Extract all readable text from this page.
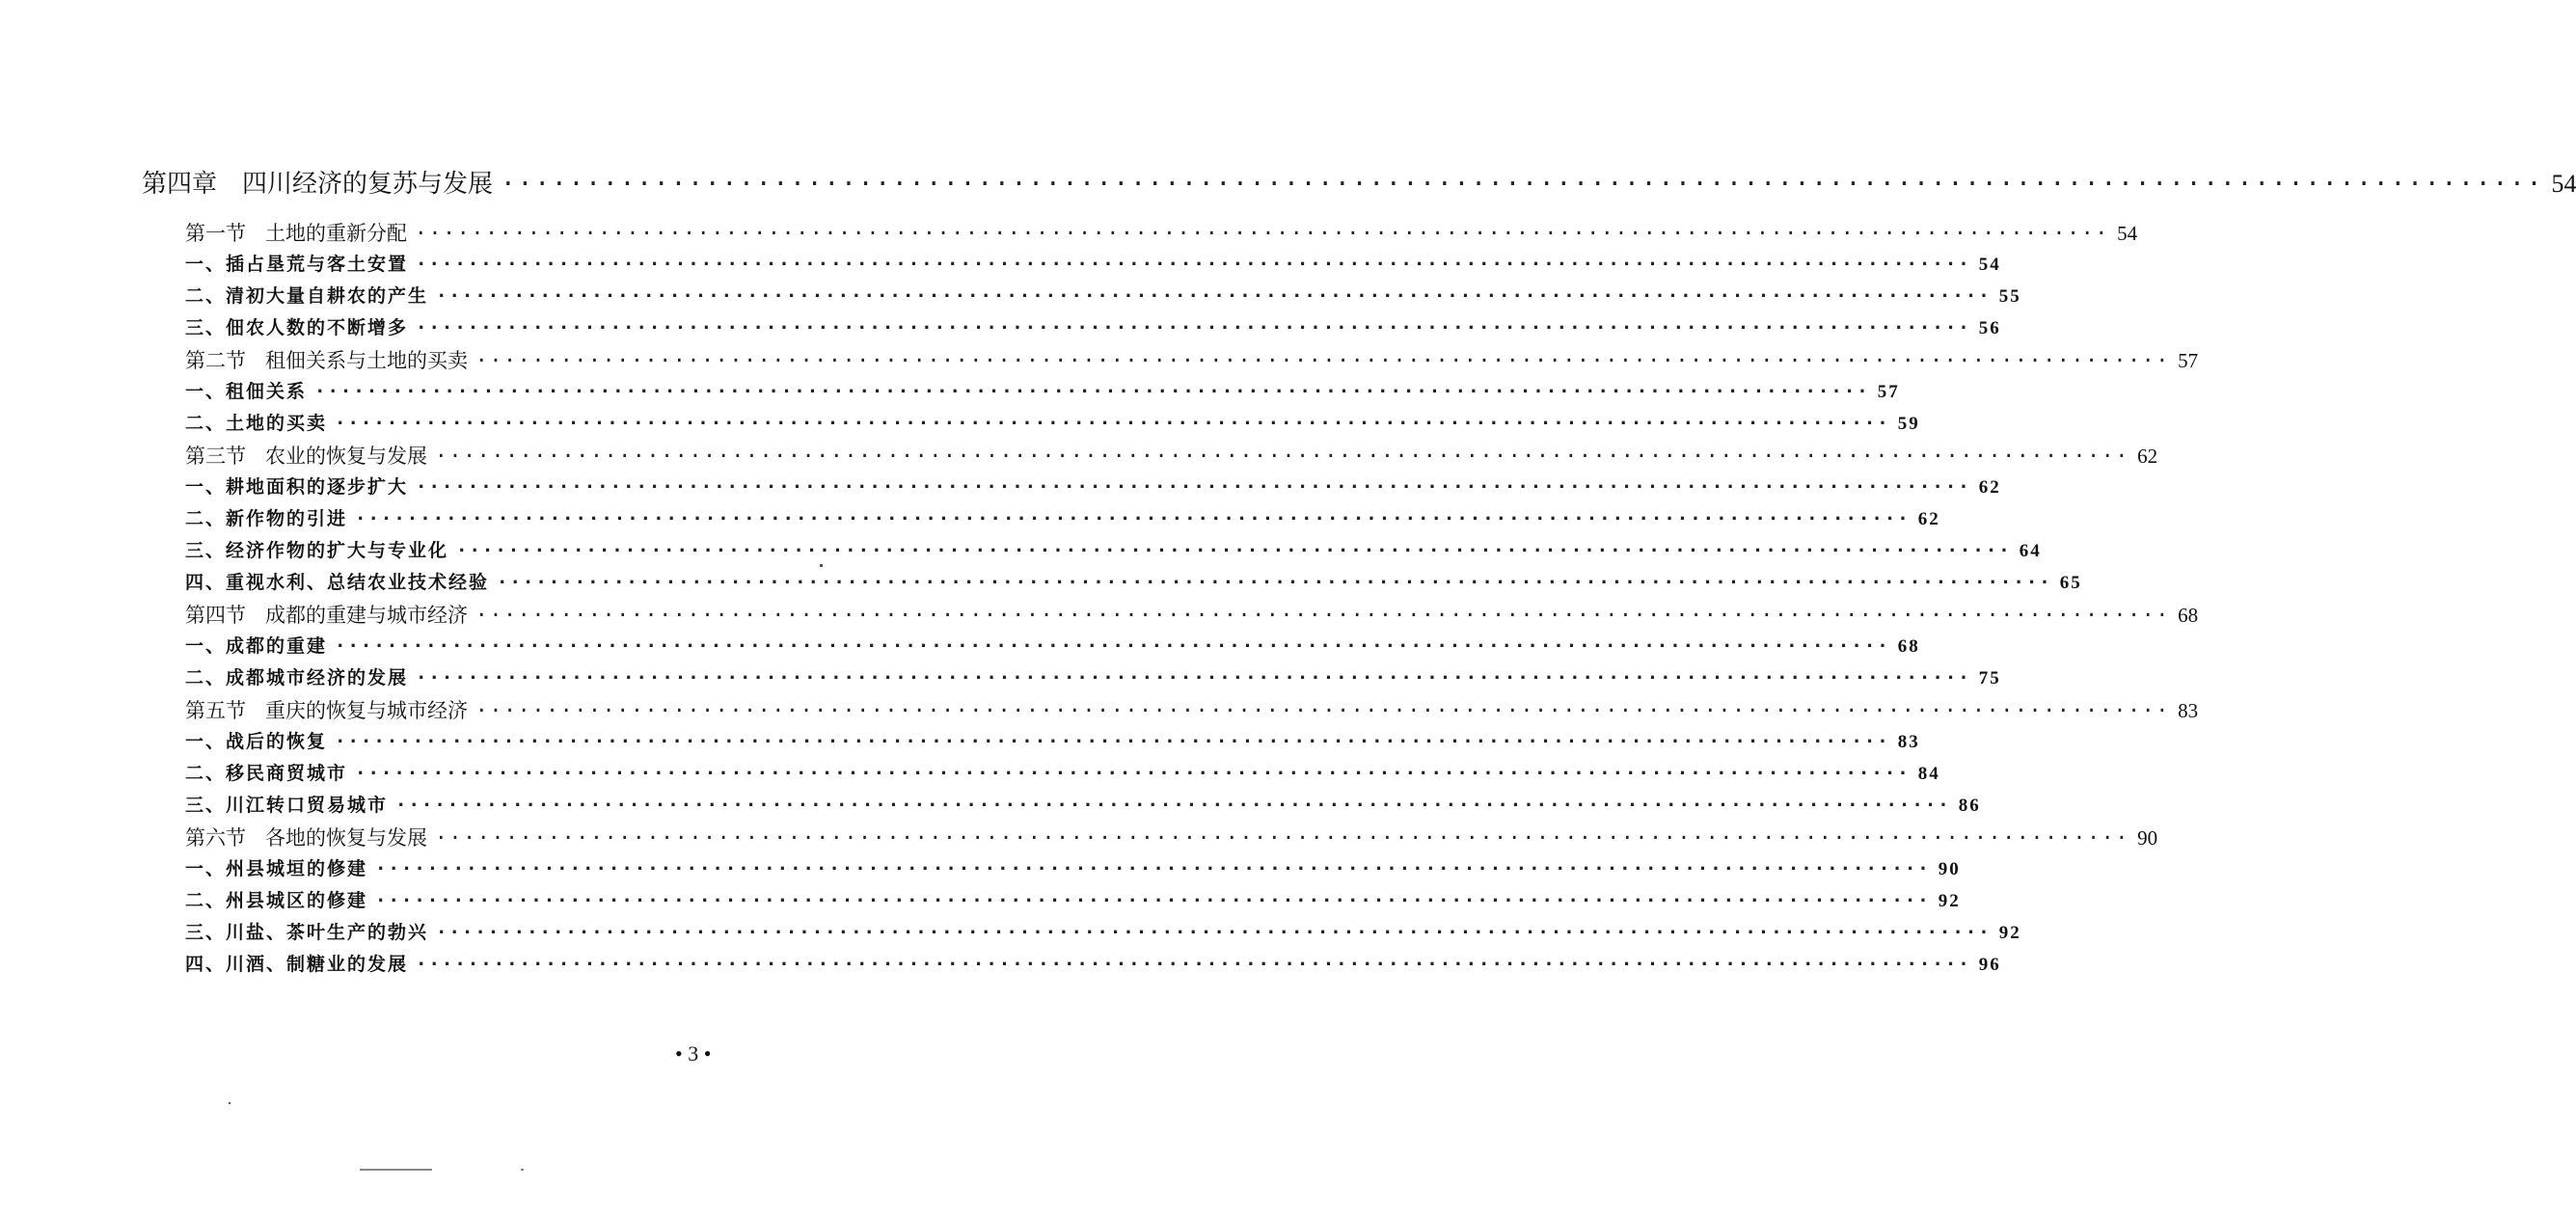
第四章 四川经济的复苏与发展 ························································································································ 54
第一节 土地的重新分配 ························································································································ 54
一、插占垦荒与客土安置 ························································································································ 54
二、清初大量自耕农的产生 ························································································································ 55
三、佃农人数的不断增多 ························································································································ 56
第二节 租佃关系与土地的买卖 ························································································································ 57
一、租佃关系 ························································································································ 57
二、土地的买卖 ························································································································ 59
第三节 农业的恢复与发展 ························································································································ 62
一、耕地面积的逐步扩大 ························································································································ 62
二、新作物的引进 ························································································································ 62
三、经济作物的扩大与专业化 ························································································································ 64
四、重视水利、总结农业技术经验 ························································································································ 65
第四节 成都的重建与城市经济 ························································································································ 68
一、成都的重建 ························································································································ 68
二、成都城市经济的发展 ························································································································ 75
第五节 重庆的恢复与城市经济 ························································································································ 83
一、战后的恢复 ························································································································ 83
二、移民商贸城市 ························································································································ 84
三、川江转口贸易城市 ························································································································ 86
第六节 各地的恢复与发展 ························································································································ 90
一、州县城垣的修建 ························································································································ 90
二、州县城区的修建 ························································································································ 92
三、川盐、茶叶生产的勃兴 ························································································································ 92
四、川酒、制糖业的发展 ························································································································ 96
• 3 •
